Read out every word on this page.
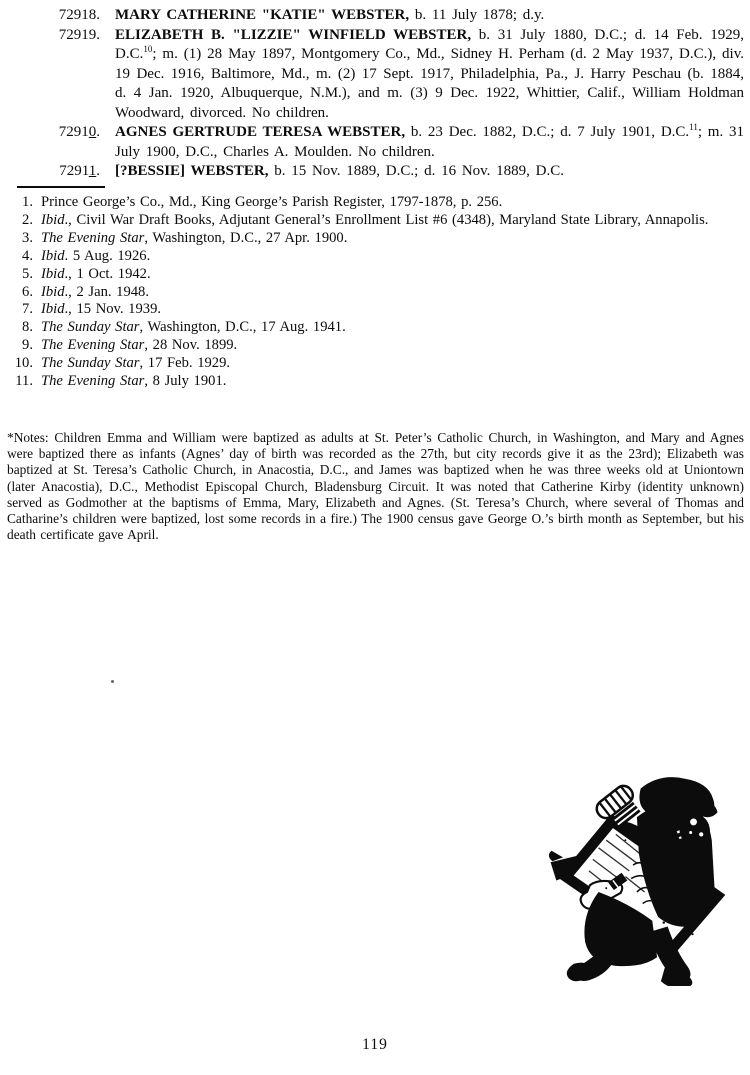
72918. MARY CATHERINE "KATIE" WEBSTER, b. 11 July 1878; d.y.
72919. ELIZABETH B. "LIZZIE" WINFIELD WEBSTER, b. 31 July 1880, D.C.; d. 14 Feb. 1929, D.C.$^{10}$; m. (1) 28 May 1897, Montgomery Co., Md., Sidney H. Perham (d. 2 May 1937, D.C.), div. 19 Dec. 1916, Baltimore, Md., m. (2) 17 Sept. 1917, Philadelphia, Pa., J. Harry Peschau (b. 1884, d. 4 Jan. 1920, Albuquerque, N.M.), and m. (3) 9 Dec. 1922, Whittier, Calif., William Holdman Woodward, divorced. No children.
72910. AGNES GERTRUDE TERESA WEBSTER, b. 23 Dec. 1882, D.C.; d. 7 July 1901, D.C.$^{11}$; m. 31 July 1900, D.C., Charles A. Moulden. No children.
72911. [?BESSIE] WEBSTER, b. 15 Nov. 1889, D.C.; d. 16 Nov. 1889, D.C.
1. Prince George’s Co., Md., King George’s Parish Register, 1797-1878, p. 256.
2. Ibid., Civil War Draft Books, Adjutant General’s Enrollment List #6 (4348), Maryland State Library, Annapolis.
3. The Evening Star, Washington, D.C., 27 Apr. 1900.
4. Ibid. 5 Aug. 1926.
5. Ibid., 1 Oct. 1942.
6. Ibid., 2 Jan. 1948.
7. Ibid., 15 Nov. 1939.
8. The Sunday Star, Washington, D.C., 17 Aug. 1941.
9. The Evening Star, 28 Nov. 1899.
10. The Sunday Star, 17 Feb. 1929.
11. The Evening Star, 8 July 1901.
*Notes: Children Emma and William were baptized as adults at St. Peter’s Catholic Church, in Washington, and Mary and Agnes were baptized there as infants (Agnes’ day of birth was recorded as the 27th, but city records give it as the 23rd); Elizabeth was baptized at St. Teresa’s Catholic Church, in Anacostia, D.C., and James was baptized when he was three weeks old at Uniontown (later Anacostia), D.C., Methodist Episcopal Church, Bladensburg Circuit. It was noted that Catherine Kirby (identity unknown) served as Godmother at the baptisms of Emma, Mary, Elizabeth and Agnes. (St. Teresa’s Church, where several of Thomas and Catharine’s children were baptized, lost some records in a fire.) The 1900 census gave George O.’s birth month as September, but his death certificate gave April.
119
